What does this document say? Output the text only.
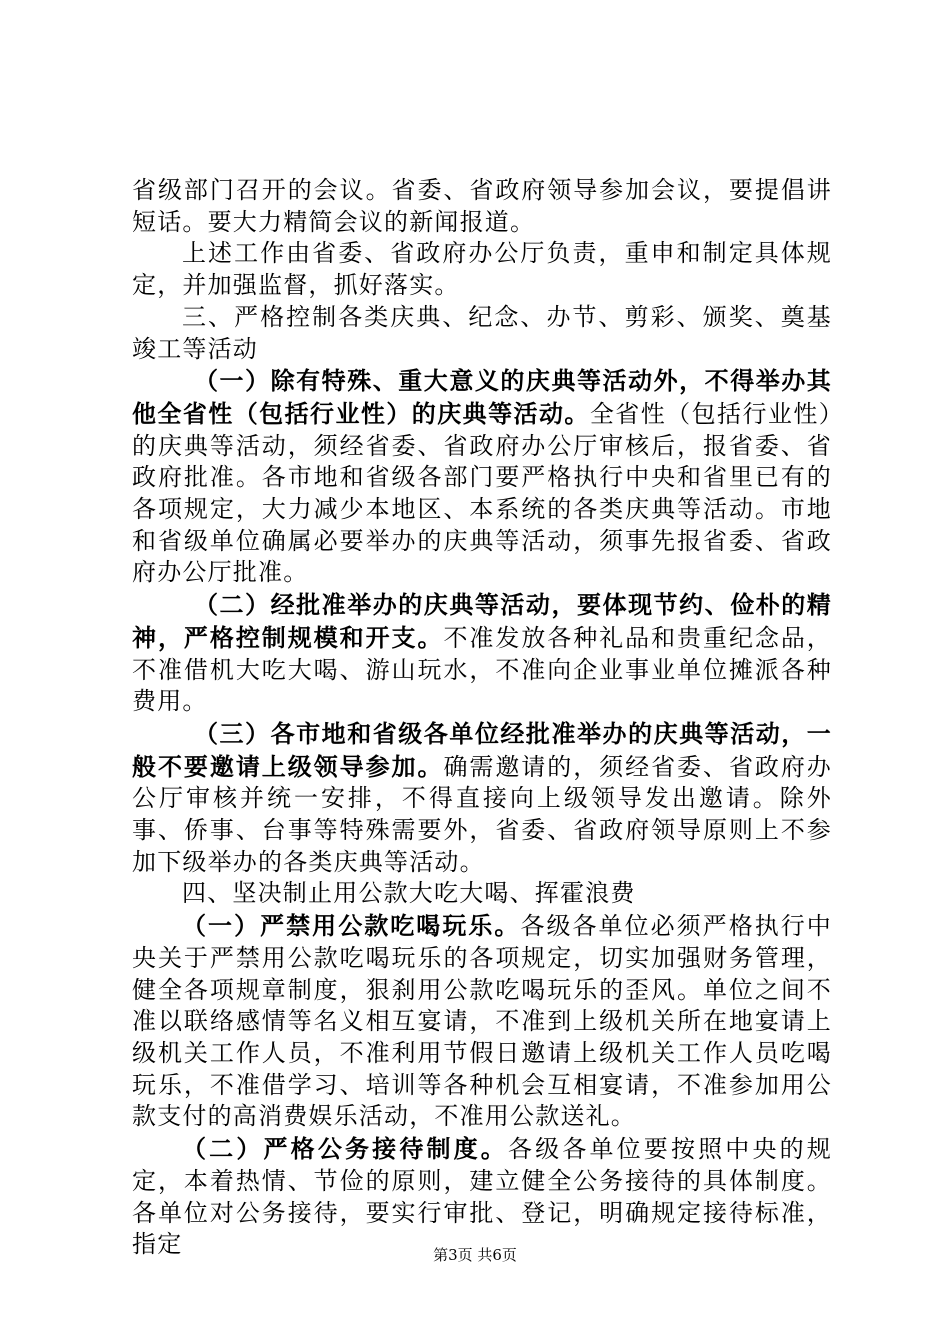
省级部门召开的会议。省委、省政府领导参加会议，要提倡讲短话。要大力精简会议的新闻报道。

上述工作由省委、省政府办公厅负责，重申和制定具体规定，并加强监督，抓好落实。

三、严格控制各类庆典、纪念、办节、剪彩、颁奖、奠基竣工等活动

（一）除有特殊、重大意义的庆典等活动外，不得举办其他全省性（包括行业性）的庆典等活动。全省性（包括行业性）的庆典等活动，须经省委、省政府办公厅审核后，报省委、省政府批准。各市地和省级各部门要严格执行中央和省里已有的各项规定，大力减少本地区、本系统的各类庆典等活动。市地和省级单位确属必要举办的庆典等活动，须事先报省委、省政府办公厅批准。

（二）经批准举办的庆典等活动，要体现节约、俭朴的精神，严格控制规模和开支。不准发放各种礼品和贵重纪念品，不准借机大吃大喝、游山玩水，不准向企业事业单位摊派各种费用。

（三）各市地和省级各单位经批准举办的庆典等活动，一般不要邀请上级领导参加。确需邀请的，须经省委、省政府办公厅审核并统一安排，不得直接向上级领导发出邀请。除外事、侨事、台事等特殊需要外，省委、省政府领导原则上不参加下级举办的各类庆典等活动。

四、坚决制止用公款大吃大喝、挥霍浪费

（一）严禁用公款吃喝玩乐。各级各单位必须严格执行中央关于严禁用公款吃喝玩乐的各项规定，切实加强财务管理，健全各项规章制度，狠刹用公款吃喝玩乐的歪风。单位之间不准以联络感情等名义相互宴请，不准到上级机关所在地宴请上级机关工作人员，不准利用节假日邀请上级机关工作人员吃喝玩乐，不准借学习、培训等各种机会互相宴请，不准参加用公款支付的高消费娱乐活动，不准用公款送礼。

（二）严格公务接待制度。各级各单位要按照中央的规定，本着热情、节俭的原则，建立健全公务接待的具体制度。各单位对公务接待，要实行审批、登记，明确规定接待标准，指定	第3页 共6页
